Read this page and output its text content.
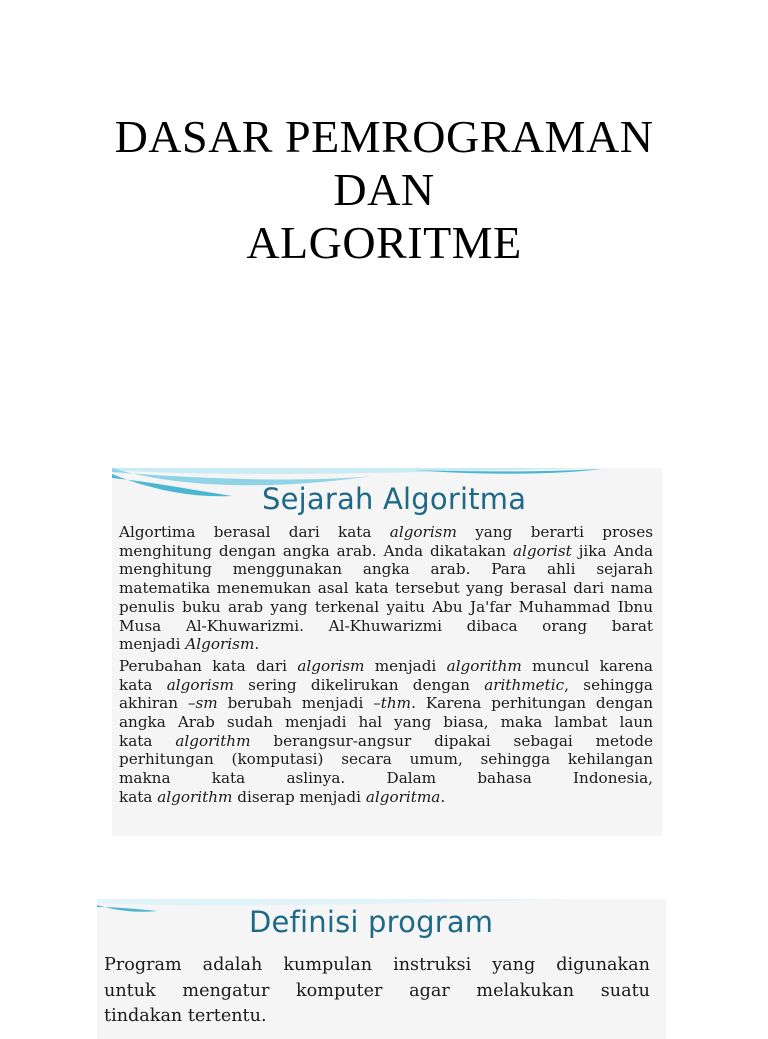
DASAR PEMROGRAMAN
DAN
ALGORITME
Sejarah Algoritma
Algortima berasal dari kata algorism yang berarti proses
menghitung dengan angka arab. Anda dikatakan algorist jika Anda
menghitung menggunakan angka arab. Para ahli sejarah
matematika menemukan asal kata tersebut yang berasal dari nama
penulis buku arab yang terkenal yaitu Abu Ja'far Muhammad Ibnu
Musa Al-Khuwarizmi. Al-Khuwarizmi dibaca orang barat
menjadi Algorism.
Perubahan kata dari algorism menjadi algorithm muncul karena
kata algorism sering dikelirukan dengan arithmetic, sehingga
akhiran –sm berubah menjadi –thm. Karena perhitungan dengan
angka Arab sudah menjadi hal yang biasa, maka lambat laun
kata algorithm berangsur-angsur dipakai sebagai metode
perhitungan (komputasi) secara umum, sehingga kehilangan
makna kata aslinya. Dalam bahasa Indonesia,
kata algorithm diserap menjadi algoritma.
Definisi program
Program adalah kumpulan instruksi yang digunakan
untuk mengatur komputer agar melakukan suatu
tindakan tertentu.
